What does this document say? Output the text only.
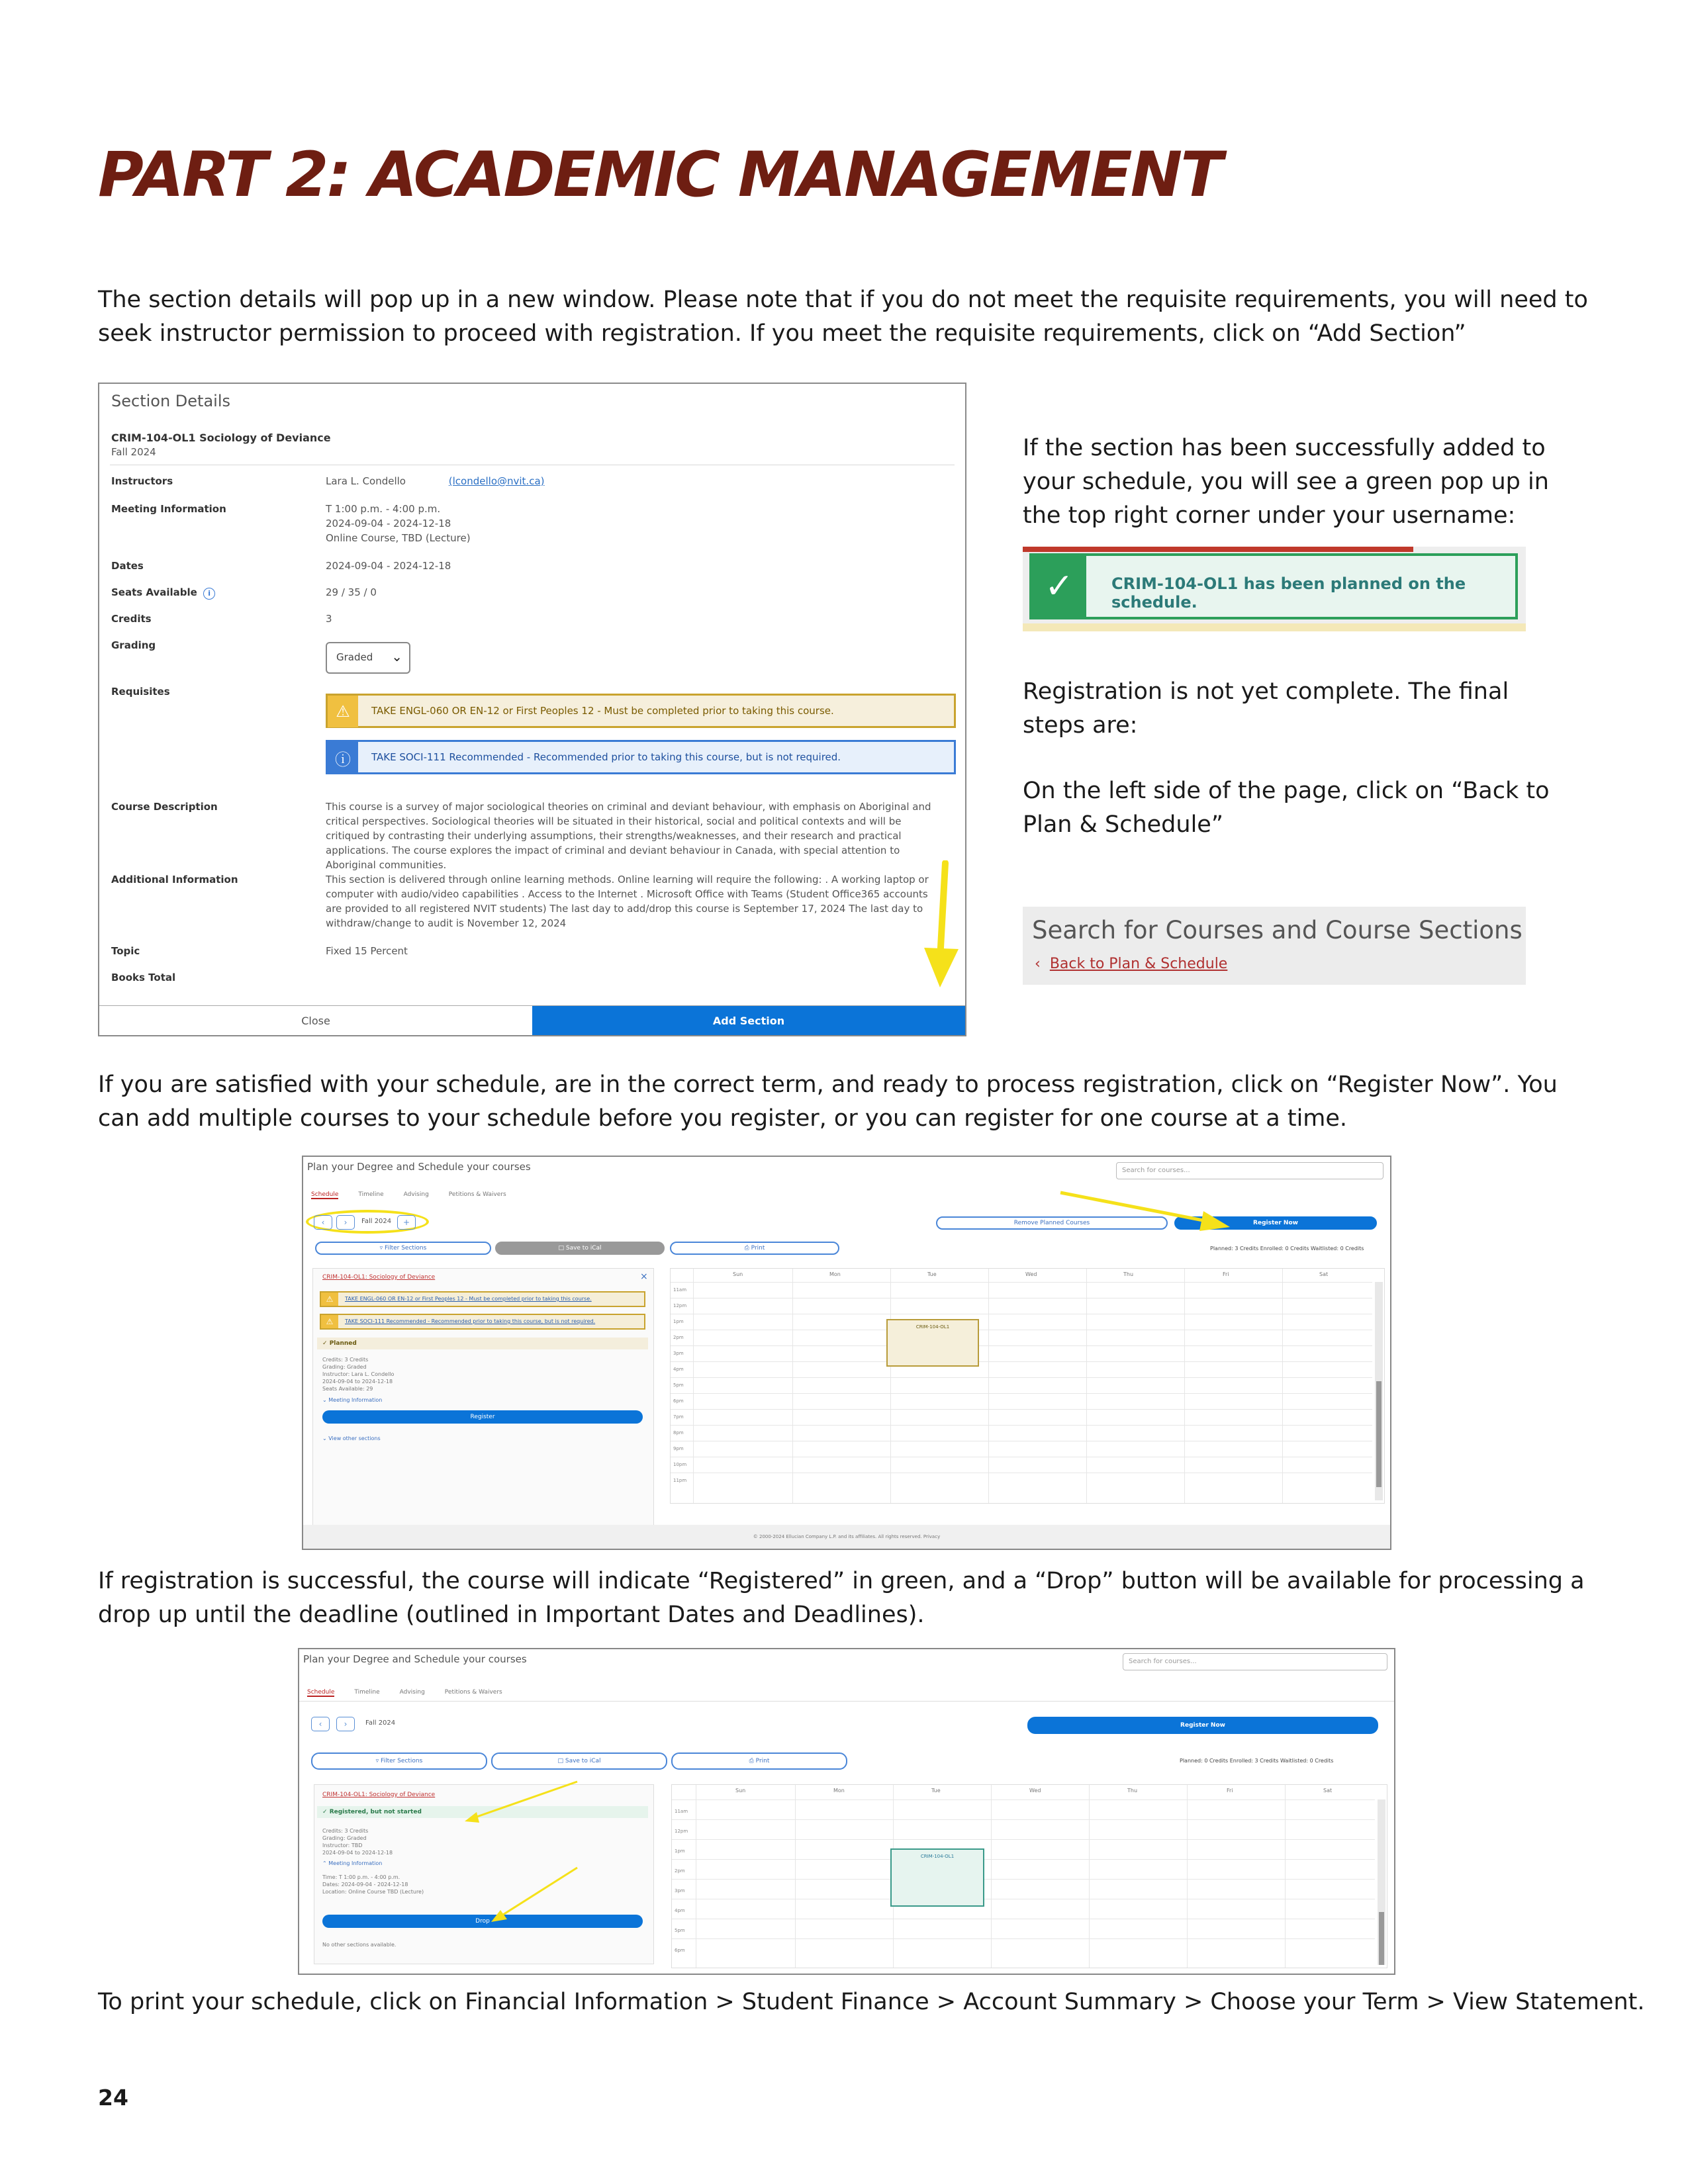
PART 2: ACADEMIC MANAGEMENT
The section details will pop up in a new window. Please note that if you do not meet the requisite requirements, you will need to seek instructor permission to proceed with registration. If you meet the requisite requirements, click on “Add Section”
Section Details
CRIM-104-OL1 Sociology of Deviance
Fall 2024
Instructors	Lara L. Condello	(lcondello@nvit.ca)
Meeting Information	T 1:00 p.m. - 4:00 p.m.
2024-09-04 - 2024-12-18
Online Course, TBD (Lecture)
Dates	2024-09-04 - 2024-12-18
Seats Available i	29 / 35 / 0
Credits	3
Grading
Graded ⌄
Requisites
⚠	TAKE ENGL-060 OR EN-12 or First Peoples 12 - Must be completed prior to taking this course.
ⓘ	TAKE SOCI-111 Recommended - Recommended prior to taking this course, but is not required.
Course Description	This course is a survey of major sociological theories on criminal and deviant behaviour, with emphasis on Aboriginal and critical perspectives. Sociological theories will be situated in their historical, social and political contexts and will be critiqued by contrasting their underlying assumptions, their strengths/weaknesses, and their research and practical applications. The course explores the impact of criminal and deviant behaviour in Canada, with special attention to Aboriginal communities.
Additional Information	This section is delivered through online learning methods. Online learning will require the following: . A working laptop or computer with audio/video capabilities . Access to the Internet . Microsoft Office with Teams (Student Office365 accounts are provided to all registered NVIT students) The last day to add/drop this course is September 17, 2024 The last day to withdraw/change to audit is November 12, 2024
Topic	Fixed 15 Percent
Books Total
Close	Add Section
If the section has been successfully added to your schedule, you will see a green pop up in the top right corner under your username:
✓	CRIM-104-OL1 has been planned on the schedule.
Registration is not yet complete. The final steps are:
On the left side of the page, click on “Back to Plan & Schedule”
Search for Courses and Course Sections
‹ Back to Plan & Schedule
If you are satisfied with your schedule, are in the correct term, and ready to process registration, click on “Register Now”. You can add multiple courses to your schedule before you register, or you can register for one course at a time.
Plan your Degree and Schedule your courses	Search for courses...
Schedule	Timeline	Advising	Petitions & Waivers
‹	›	Fall 2024	+	Remove Planned Courses	Register Now
▿ Filter Sections	□ Save to iCal	⎙ Print	Planned: 3 Credits Enrolled: 0 Credits Waitlisted: 0 Credits
CRIM-104-OL1: Sociology of Deviance	×
⚠	TAKE ENGL-060 OR EN-12 or First Peoples 12 - Must be completed prior to taking this course.
⚠	TAKE SOCI-111 Recommended - Recommended prior to taking this course, but is not required.
✓ Planned
Credits: 3 Credits
Grading: Graded
Instructor: Lara L. Condello
2024-09-04 to 2024-12-18
Seats Available: 29
⌄ Meeting Information
Register
⌄ View other sections
Sun	Mon	Tue	Wed	Thu	Fri	Sat
11am
12pm
1pm
2pm
3pm
4pm
5pm
6pm
7pm
8pm
9pm
10pm
11pm
CRIM-104-OL1
© 2000-2024 Ellucian Company L.P. and its affiliates. All rights reserved. Privacy
If registration is successful, the course will indicate “Registered” in green, and a “Drop” button will be available for processing a drop up until the deadline (outlined in Important Dates and Deadlines).
Plan your Degree and Schedule your courses	Search for courses...
Schedule	Timeline	Advising	Petitions & Waivers
‹	›	Fall 2024	Register Now
▿ Filter Sections	□ Save to iCal	⎙ Print	Planned: 0 Credits Enrolled: 3 Credits Waitlisted: 0 Credits
CRIM-104-OL1: Sociology of Deviance
✓ Registered, but not started
Credits: 3 Credits
Grading: Graded
Instructor: TBD
2024-09-04 to 2024-12-18
⌃ Meeting Information
Time: T 1:00 p.m. - 4:00 p.m.
Dates: 2024-09-04 - 2024-12-18
Location: Online Course TBD (Lecture)
Drop
No other sections available.
Sun	Mon	Tue	Wed	Thu	Fri	Sat
11am
12pm
1pm
2pm
3pm
4pm
5pm
6pm
CRIM-104-OL1
To print your schedule, click on Financial Information > Student Finance > Account Summary > Choose your Term > View Statement.
24
